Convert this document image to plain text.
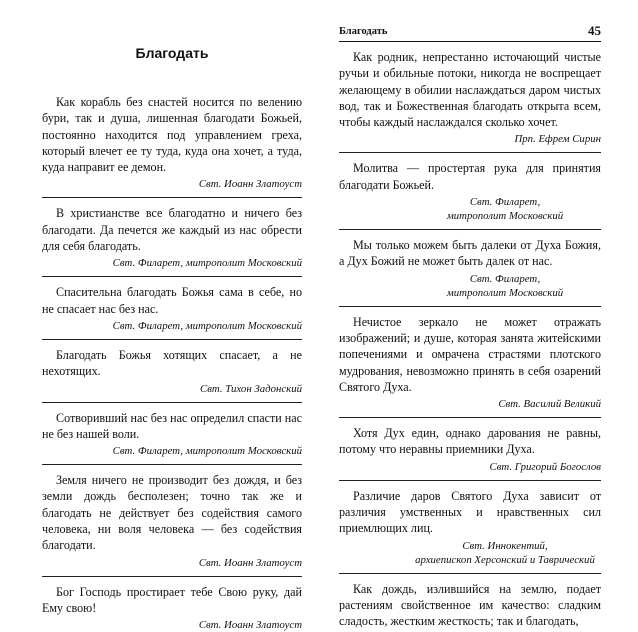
Благодать
Как корабль без снастей носится по велению бури, так и душа, лишенная благодати Божьей, постоянно находится под управлением греха, который влечет ее ту туда, куда она хочет, а туда, куда направит ее демон.
Свт. Иоанн Златоуст
В христианстве все благодатно и ничего без благодати. Да печется же каждый из нас обрести для себя благодать.
Свт. Филарет, митрополит Московский
Спасительна благодать Божья сама в себе, но не спасает нас без нас.
Свт. Филарет, митрополит Московский
Благодать Божья хотящих спасает, а не нехотящих.
Свт. Тихон Задонский
Сотворивший нас без нас определил спасти нас не без нашей воли.
Свт. Филарет, митрополит Московский
Земля ничего не производит без дождя, и без земли дождь бесполезен; точно так же и благодать не действует без содействия самого человека, ни воля человека — без содействия благодати.
Свт. Иоанн Златоуст
Бог Господь простирает тебе Свою руку, дай Ему свою!
Свт. Иоанн Златоуст
Благодать	45
Как родник, непрестанно источающий чистые ручьи и обильные потоки, никогда не воспрещает желающему в обилии наслаждаться даром чистых вод, так и Божественная благодать открыта всем, чтобы каждый наслаждался сколько хочет.
Прп. Ефрем Сирин
Молитва — простертая рука для принятия благодати Божьей.
Свт. Филарет,
митрополит Московский
Мы только можем быть далеки от Духа Божия, а Дух Божий не может быть далек от нас.
Свт. Филарет,
митрополит Московский
Нечистое зеркало не может отражать изображений; и душе, которая занята житейскими попечениями и омрачена страстями плотского мудрования, невозможно принять в себя озарений Святого Духа.
Свт. Василий Великий
Хотя Дух един, однако дарования не равны, потому что неравны приемники Духа.
Свт. Григорий Богослов
Различие даров Святого Духа зависит от различия умственных и нравственных сил приемлющих лиц.
Свт. Иннокентий,
архиепископ Херсонский и Таврический
Как дождь, излившийся на землю, подает растениям свойственное им качество: сладким сладость, жестким жесткость; так и благодать,
